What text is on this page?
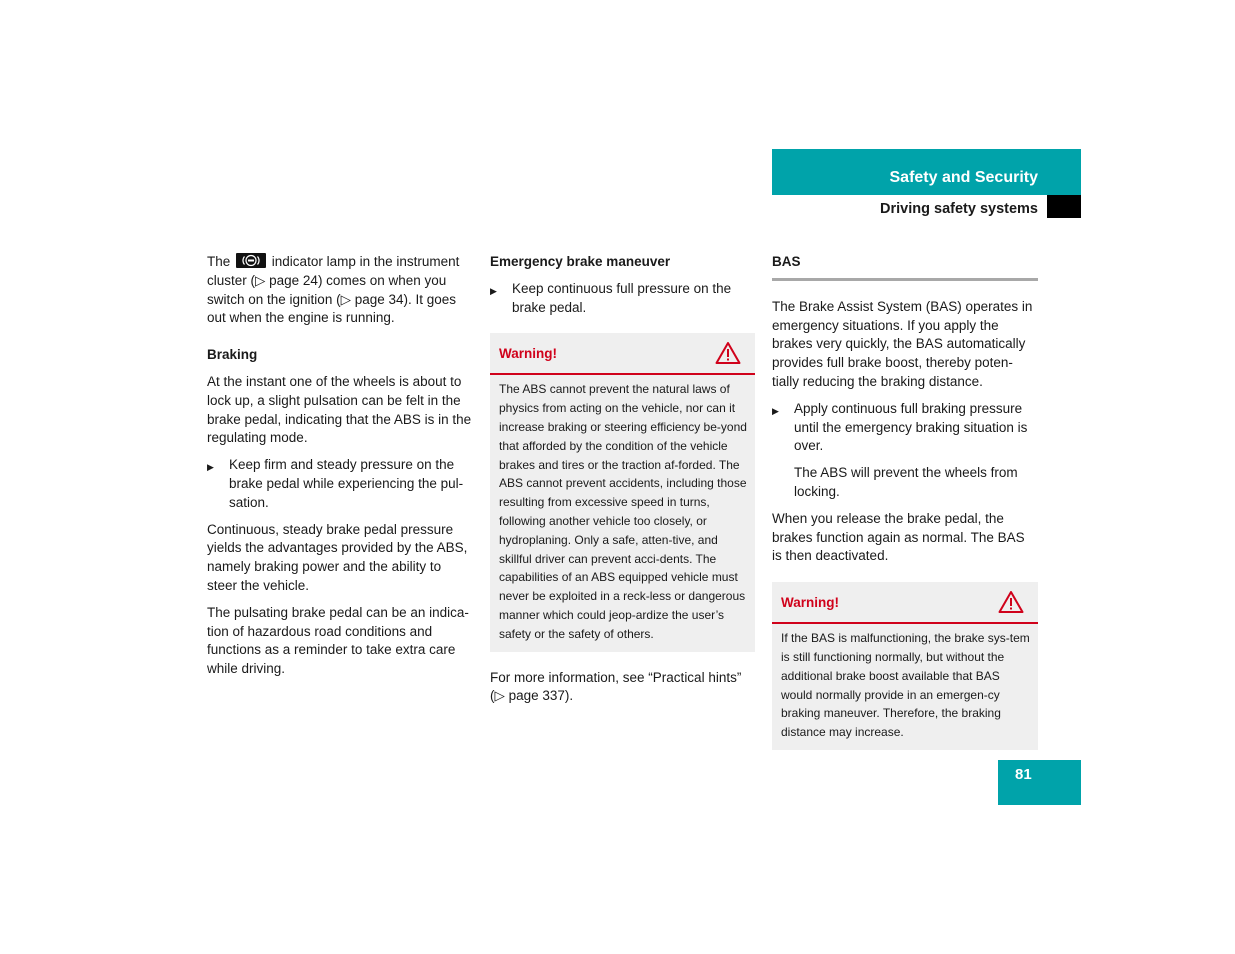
Safety and Security
Driving safety systems

The	indicator lamp in the instrument cluster (▷ page 24) comes on when you switch on the ignition (▷ page 34). It goes out when the engine is running.

Braking

At the instant one of the wheels is about to lock up, a slight pulsation can be felt in the brake pedal, indicating that the ABS is in the regulating mode.

▶ Keep firm and steady pressure on the brake pedal while experiencing the pul-sation.

Continuous, steady brake pedal pressure yields the advantages provided by the ABS, namely braking power and the ability to steer the vehicle.

The pulsating brake pedal can be an indica-tion of hazardous road conditions and functions as a reminder to take extra care while driving.

Emergency brake maneuver
▶ Keep continuous full pressure on the brake pedal.
Warning!
The ABS cannot prevent the natural laws of physics from acting on the vehicle, nor can it increase braking or steering efficiency be-yond that afforded by the condition of the vehicle brakes and tires or the traction af-forded. The ABS cannot prevent accidents, including those resulting from excessive speed in turns, following another vehicle too closely, or hydroplaning. Only a safe, atten-tive, and skillful driver can prevent acci-dents. The capabilities of an ABS equipped vehicle must never be exploited in a reck-less or dangerous manner which could jeop-ardize the user’s safety or the safety of others.

For more information, see “Practical hints” (▷ page 337).

BAS

The Brake Assist System (BAS) operates in emergency situations. If you apply the brakes very quickly, the BAS automatically provides full brake boost, thereby poten-tially reducing the braking distance.

▶ Apply continuous full braking pressure until the emergency braking situation is over.

The ABS will prevent the wheels from locking.

When you release the brake pedal, the brakes function again as normal. The BAS is then deactivated.

Warning!
If the BAS is malfunctioning, the brake sys-tem is still functioning normally, but without the additional brake boost available that BAS would normally provide in an emergen-cy braking maneuver. Therefore, the braking distance may increase.
81
